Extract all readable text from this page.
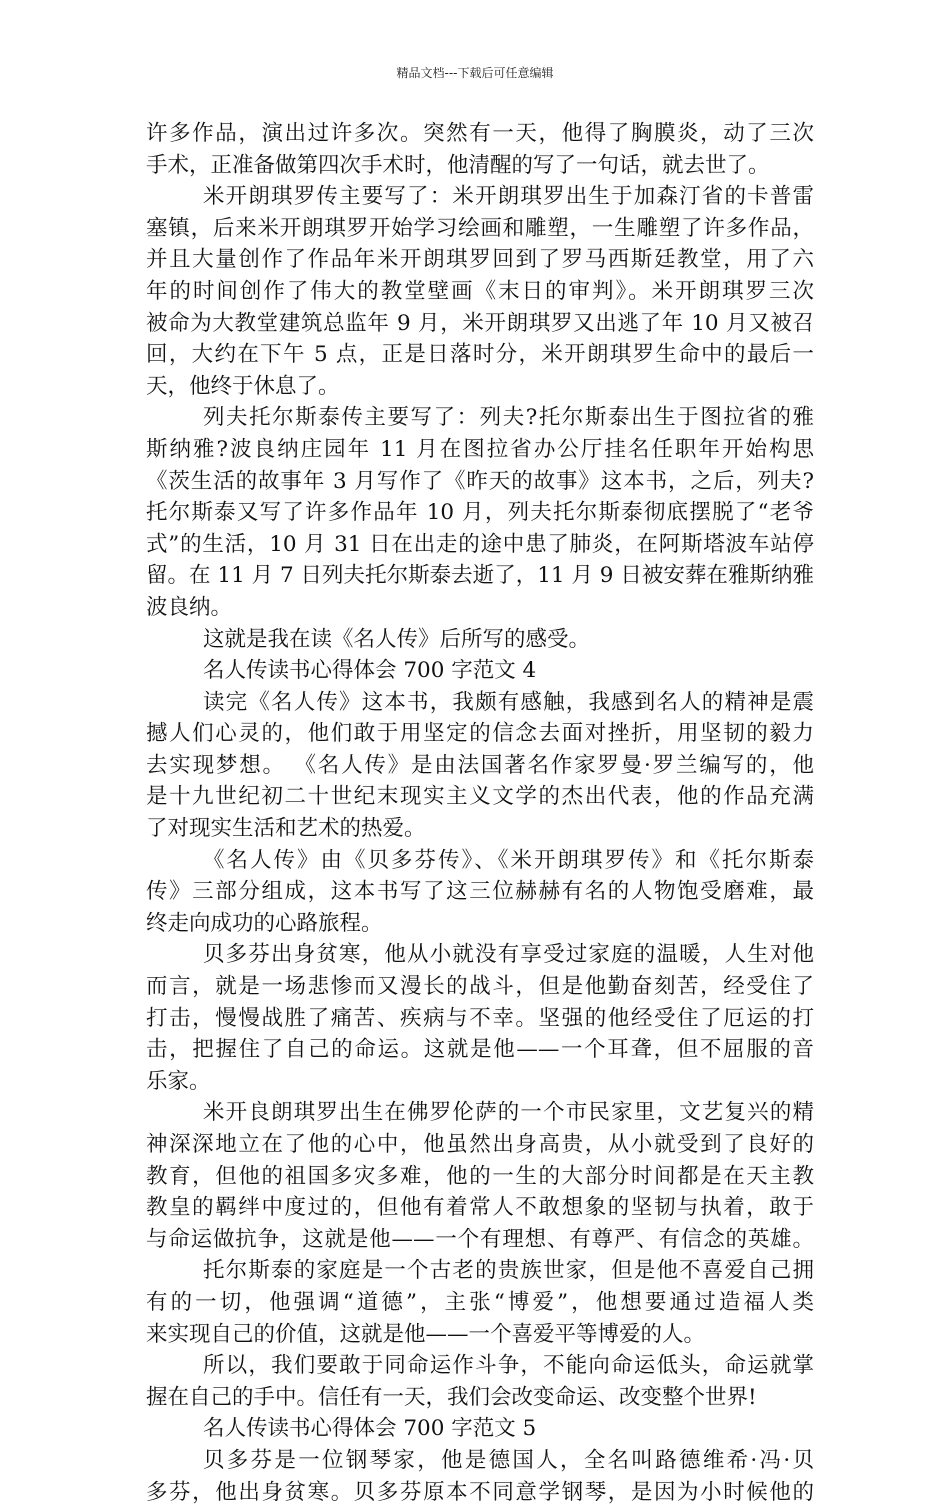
精品文档---下载后可任意编辑
许多作品，演出过许多次。突然有一天，他得了胸膜炎，动了三次
手术，正准备做第四次手术时，他清醒的写了一句话，就去世了。
米开朗琪罗传主要写了：米开朗琪罗出生于加森汀省的卡普雷
塞镇，后来米开朗琪罗开始学习绘画和雕塑，一生雕塑了许多作品，
并且大量创作了作品年米开朗琪罗回到了罗马西斯廷教堂，用了六
年的时间创作了伟大的教堂壁画《末日的审判》。米开朗琪罗三次
被命为大教堂建筑总监年 9 月，米开朗琪罗又出逃了年 10 月又被召
回，大约在下午 5 点，正是日落时分，米开朗琪罗生命中的最后一
天，他终于休息了。
列夫托尔斯泰传主要写了：列夫?托尔斯泰出生于图拉省的雅
斯纳雅?波良纳庄园年 11 月在图拉省办公厅挂名任职年开始构思
《茨生活的故事年 3 月写作了《昨天的故事》这本书，之后，列夫?
托尔斯泰又写了许多作品年 10 月，列夫托尔斯泰彻底摆脱了“老爷
式”的生活，10 月 31 日在出走的途中患了肺炎，在阿斯塔波车站停
留。在 11 月 7 日列夫托尔斯泰去逝了，11 月 9 日被安葬在雅斯纳雅
波良纳。
这就是我在读《名人传》后所写的感受。
名人传读书心得体会 700 字范文 4
读完《名人传》这本书，我颇有感触，我感到名人的精神是震
撼人们心灵的，他们敢于用坚定的信念去面对挫折，用坚韧的毅力
去实现梦想。 《名人传》是由法国著名作家罗曼·罗兰编写的，他
是十九世纪初二十世纪末现实主义文学的杰出代表，他的作品充满
了对现实生活和艺术的热爱。
《名人传》由《贝多芬传》、《米开朗琪罗传》和《托尔斯泰
传》三部分组成，这本书写了这三位赫赫有名的人物饱受磨难，最
终走向成功的心路旅程。
贝多芬出身贫寒，他从小就没有享受过家庭的温暖，人生对他
而言，就是一场悲惨而又漫长的战斗，但是他勤奋刻苦，经受住了
打击，慢慢战胜了痛苦、疾病与不幸。坚强的他经受住了厄运的打
击，把握住了自己的命运。这就是他——一个耳聋，但不屈服的音
乐家。
米开良朗琪罗出生在佛罗伦萨的一个市民家里，文艺复兴的精
神深深地立在了他的心中，他虽然出身高贵，从小就受到了良好的
教育，但他的祖国多灾多难，他的一生的大部分时间都是在天主教
教皇的羁绊中度过的，但他有着常人不敢想象的坚韧与执着，敢于
与命运做抗争，这就是他——一个有理想、有尊严、有信念的英雄。
托尔斯泰的家庭是一个古老的贵族世家，但是他不喜爱自己拥
有的一切，他强调“道德”，主张“博爱”，他想要通过造福人类
来实现自己的价值，这就是他——一个喜爱平等博爱的人。
所以，我们要敢于同命运作斗争，不能向命运低头，命运就掌
握在自己的手中。信任有一天，我们会改变命运、改变整个世界!
名人传读书心得体会 700 字范文 5
贝多芬是一位钢琴家，他是德国人，全名叫路德维希·冯·贝
多芬，他出身贫寒。贝多芬原本不同意学钢琴，是因为小时候他的
